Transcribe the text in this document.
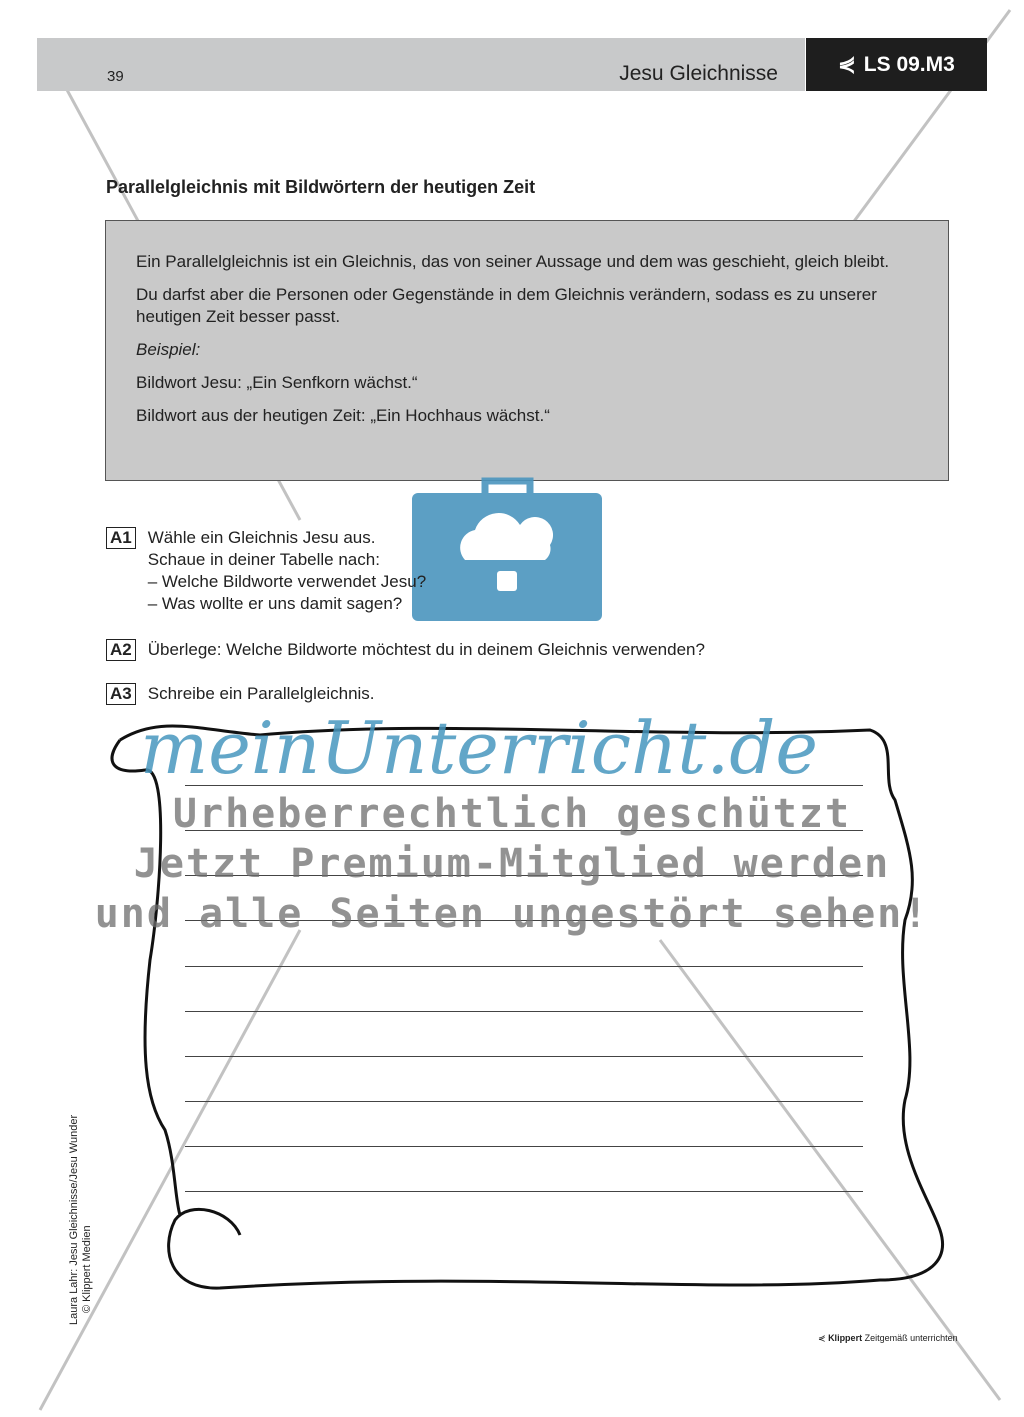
39	Jesu Gleichnisse	⋞ LS 09.M3
Parallelgleichnis mit Bildwörtern der heutigen Zeit

Ein Parallelgleichnis ist ein Gleichnis, das von seiner Aussage und dem was geschieht, gleich bleibt.

Du darfst aber die Personen oder Gegenstände in dem Gleichnis verändern, sodass es zu unserer heutigen Zeit besser passt.

Beispiel:

Bildwort Jesu: „Ein Senfkorn wächst.“

Bildwort aus der heutigen Zeit: „Ein Hochhaus wächst.“

A1 Wähle ein Gleichnis Jesu aus.
Schaue in deiner Tabelle nach:
– Welche Bildworte verwendet Jesu?
– Was wollte er uns damit sagen?
A2 Überlege: Welche Bildworte möchtest du in deinem Gleichnis verwenden?
A3 Schreibe ein Parallelgleichnis.
meinUnterricht.de
Urheberrechtlich geschützt
Jetzt Premium-Mitglied werden
und alle Seiten ungestört sehen!
Laura Lahr: Jesu Gleichnisse/Jesu Wunder © Klippert Medien
⋞ Klippert Zeitgemäß unterrichten
